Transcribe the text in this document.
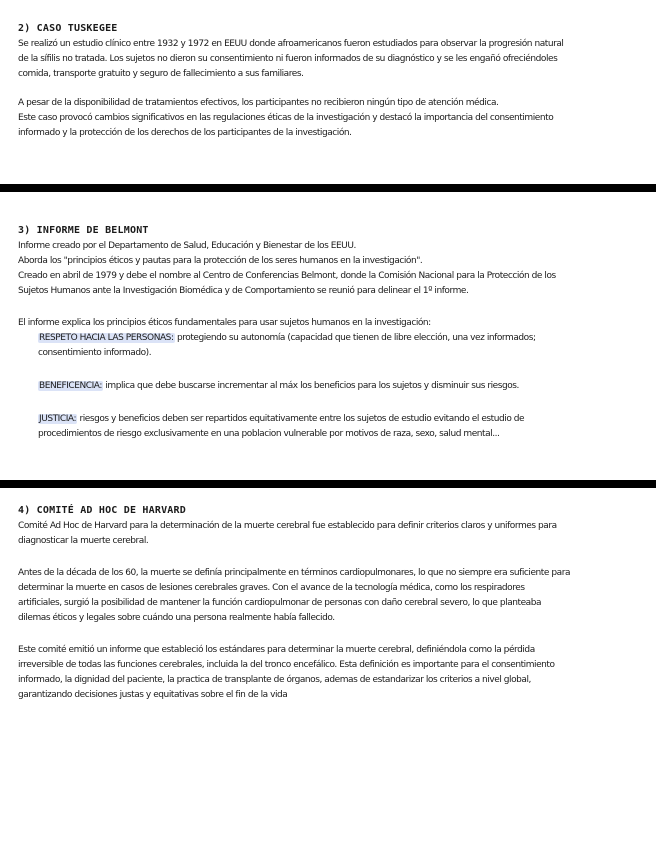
2) CASO TUSKEGEE
Se realizó un estudio clínico entre 1932 y 1972 en EEUU donde afroamericanos fueron estudiados para observar la progresión natural
de la sífilis no tratada. Los sujetos no dieron su consentimiento ni fueron informados de su diagnóstico y se les engañó ofreciéndoles
comida, transporte gratuito y seguro de fallecimiento a sus familiares.
A pesar de la disponibilidad de tratamientos efectivos, los participantes no recibieron ningún tipo de atención médica.
Este caso provocó cambios significativos en las regulaciones éticas de la investigación y destacó la importancia del consentimiento
informado y la protección de los derechos de los participantes de la investigación.
3) INFORME DE BELMONT
Informe creado por el Departamento de Salud, Educación y Bienestar de los EEUU.
Aborda los "principios éticos y pautas para la protección de los seres humanos en la investigación".
Creado en abril de 1979 y debe el nombre al Centro de Conferencias Belmont, donde la Comisión Nacional para la Protección de los
Sujetos Humanos ante la Investigación Biomédica y de Comportamiento se reunió para delinear el 1º informe.
El informe explica los principios éticos fundamentales para usar sujetos humanos en la investigación:
RESPETO HACIA LAS PERSONAS: protegiendo su autonomía (capacidad que tienen de libre elección, una vez informados;
consentimiento informado).
BENEFICENCIA: implica que debe buscarse incrementar al máx los beneficios para los sujetos y disminuir sus riesgos.
JUSTICIA: riesgos y beneficios deben ser repartidos equitativamente entre los sujetos de estudio evitando el estudio de
procedimientos de riesgo exclusivamente en una poblacion vulnerable por motivos de raza, sexo, salud mental...
4) COMITÉ AD HOC DE HARVARD
Comité Ad Hoc de Harvard para la determinación de la muerte cerebral fue establecido para definir criterios claros y uniformes para
diagnosticar la muerte cerebral.
Antes de la década de los 60, la muerte se definía principalmente en términos cardiopulmonares, lo que no siempre era suficiente para
determinar la muerte en casos de lesiones cerebrales graves. Con el avance de la tecnología médica, como los respiradores
artificiales, surgió la posibilidad de mantener la función cardiopulmonar de personas con daño cerebral severo, lo que planteaba
dilemas éticos y legales sobre cuándo una persona realmente había fallecido.
Este comité emitió un informe que estableció los estándares para determinar la muerte cerebral, definiéndola como la pérdida
irreversible de todas las funciones cerebrales, incluida la del tronco encefálico. Esta definición es importante para el consentimiento
informado, la dignidad del paciente, la practica de transplante de órganos, ademas de estandarizar los criterios a nivel global,
garantizando decisiones justas y equitativas sobre el fin de la vida
